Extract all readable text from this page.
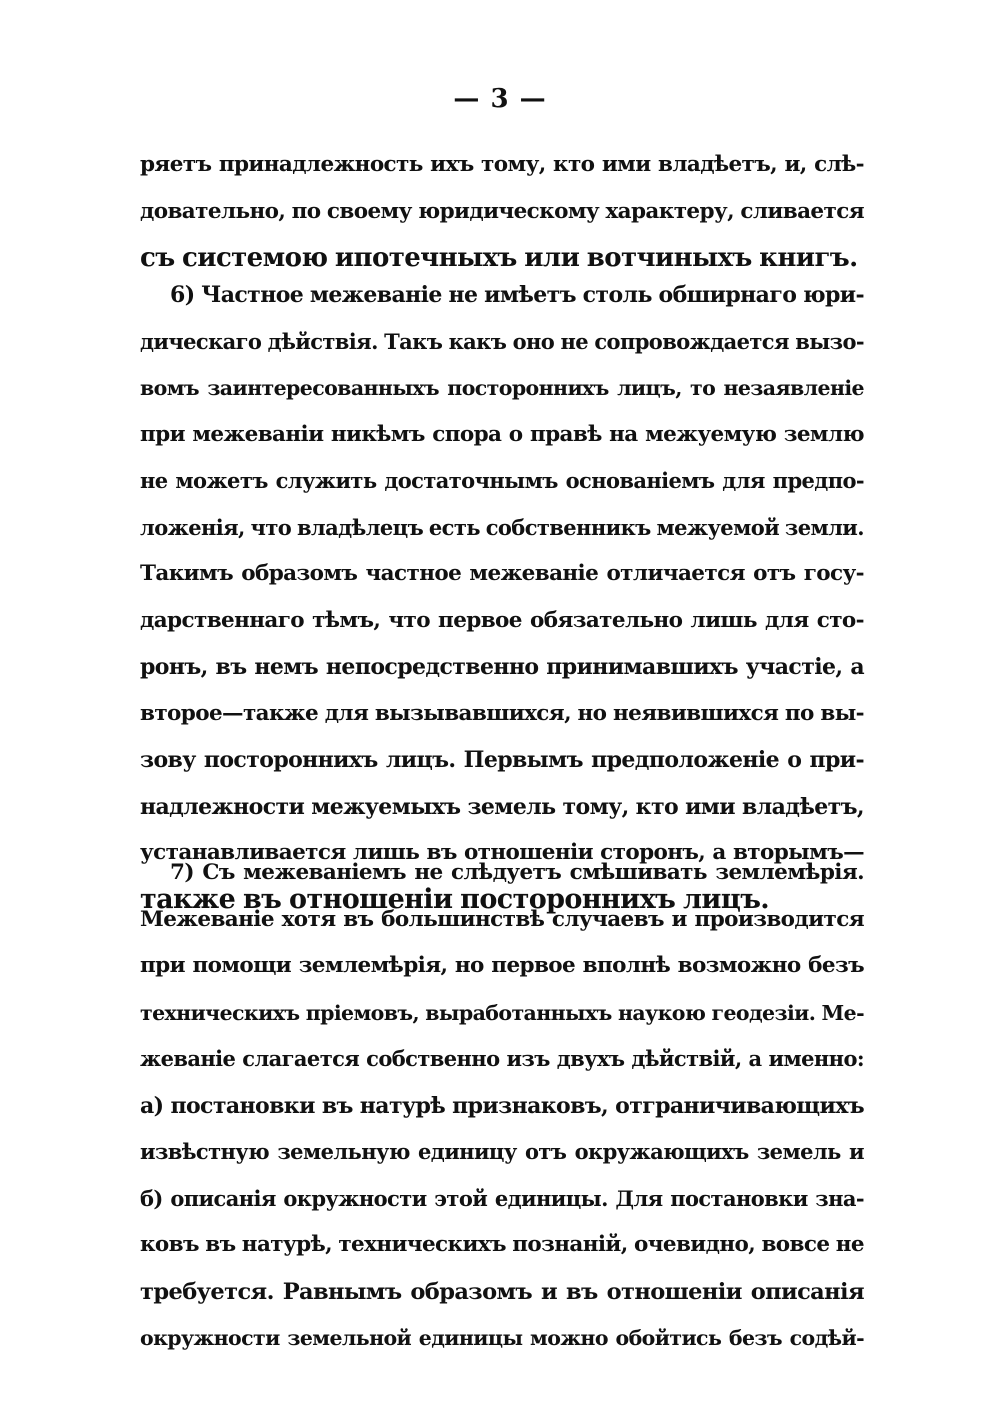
— 3 —
ряетъ принадлежность ихъ тому, кто ими владѣетъ, и, слѣ-
довательно, по своему юридическому характеру, сливается
съ системою ипотечныхъ или вотчиныхъ книгъ.
6) Частное межеваніе не имѣетъ столь обширнаго юри-
дическаго дѣйствія. Такъ какъ оно не сопровождается вызо-
вомъ заинтересованныхъ постороннихъ лицъ, то незаявленіе
при межеваніи никѣмъ спора о правѣ на межуемую землю
не можетъ служить достаточнымъ основаніемъ для предпо-
ложенія, что владѣлецъ есть собственникъ межуемой земли.
Такимъ образомъ частное межеваніе отличается отъ госу-
дарственнаго тѣмъ, что первое обязательно лишь для сто-
ронъ, въ немъ непосредственно принимавшихъ участіе, а
второе—также для вызывавшихся, но неявившихся по вы-
зову постороннихъ лицъ. Первымъ предположеніе о при-
надлежности межуемыхъ земель тому, кто ими владѣетъ,
устанавливается лишь въ отношеніи сторонъ, а вторымъ—
также въ отношеніи постороннихъ лицъ.
7) Съ межеваніемъ не слѣдуетъ смѣшивать землемѣрія.
Межеваніе хотя въ большинствѣ случаевъ и производится
при помощи землемѣрія, но первое вполнѣ возможно безъ
техническихъ пріемовъ, выработанныхъ наукою геодезіи. Ме-
жеваніе слагается собственно изъ двухъ дѣйствій, а именно:
а) постановки въ натурѣ признаковъ, отграничивающихъ
извѣстную земельную единицу отъ окружающихъ земель и
б) описанія окружности этой единицы. Для постановки зна-
ковъ въ натурѣ, техническихъ познаній, очевидно, вовсе не
требуется. Равнымъ образомъ и въ отношеніи описанія
окружности земельной единицы можно обойтись безъ содѣй-
